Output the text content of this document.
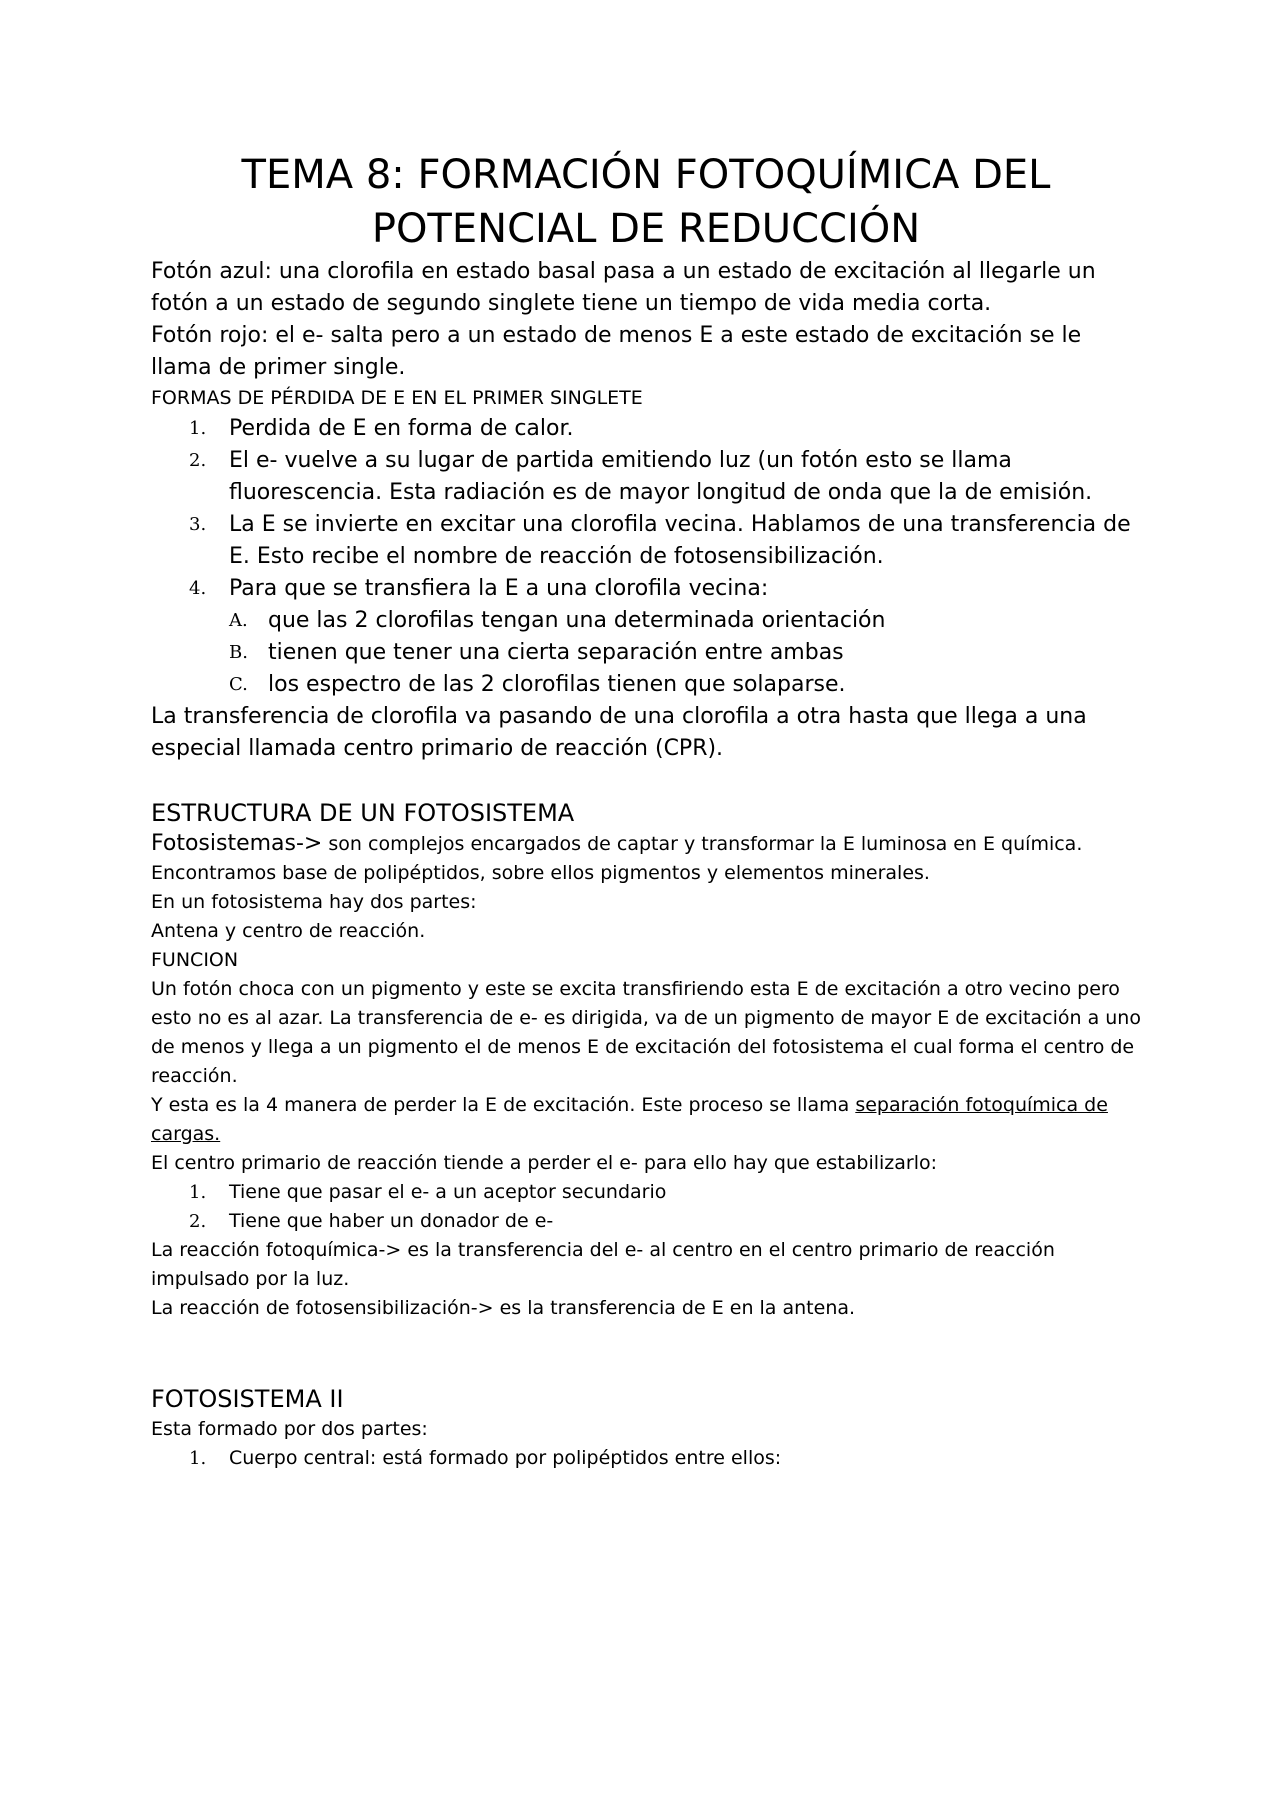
TEMA 8: FORMACIÓN FOTOQUÍMICA DEL
POTENCIAL DE REDUCCIÓN

Fotón azul: una clorofila en estado basal pasa a un estado de excitación al llegarle un fotón a un estado de segundo singlete tiene un tiempo de vida media corta.

Fotón rojo: el e- salta pero a un estado de menos E a este estado de excitación se le llama de primer single.

FORMAS DE PÉRDIDA DE E EN EL PRIMER SINGLETE

1. Perdida de E en forma de calor.
2. El e- vuelve a su lugar de partida emitiendo luz (un fotón esto se llama fluorescencia. Esta radiación es de mayor longitud de onda que la de emisión.
3. La E se invierte en excitar una clorofila vecina. Hablamos de una transferencia de E. Esto recibe el nombre de reacción de fotosensibilización.
4. Para que se transfiera la E a una clorofila vecina:
A. que las 2 clorofilas tengan una determinada orientación
B. tienen que tener una cierta separación entre ambas
C. los espectro de las 2 clorofilas tienen que solaparse.

La transferencia de clorofila va pasando de una clorofila a otra hasta que llega a una especial llamada centro primario de reacción (CPR).

ESTRUCTURA DE UN FOTOSISTEMA

Fotosistemas-> son complejos encargados de captar y transformar la E luminosa en E química. Encontramos base de polipéptidos, sobre ellos pigmentos y elementos minerales.

En un fotosistema hay dos partes:

Antena y centro de reacción.

FUNCION

Un fotón choca con un pigmento y este se excita transfiriendo esta E de excitación a otro vecino pero esto no es al azar. La transferencia de e- es dirigida, va de un pigmento de mayor E de excitación a uno de menos y llega a un pigmento el de menos E de excitación del fotosistema el cual forma el centro de reacción.

Y esta es la 4 manera de perder la E de excitación. Este proceso se llama separación fotoquímica de cargas.

El centro primario de reacción tiende a perder el e- para ello hay que estabilizarlo:

1. Tiene que pasar el e- a un aceptor secundario
2. Tiene que haber un donador de e-

La reacción fotoquímica-> es la transferencia del e- al centro en el centro primario de reacción impulsado por la luz.

La reacción de fotosensibilización-> es la transferencia de E en la antena.

FOTOSISTEMA II

Esta formado por dos partes:

1. Cuerpo central: está formado por polipéptidos entre ellos:
